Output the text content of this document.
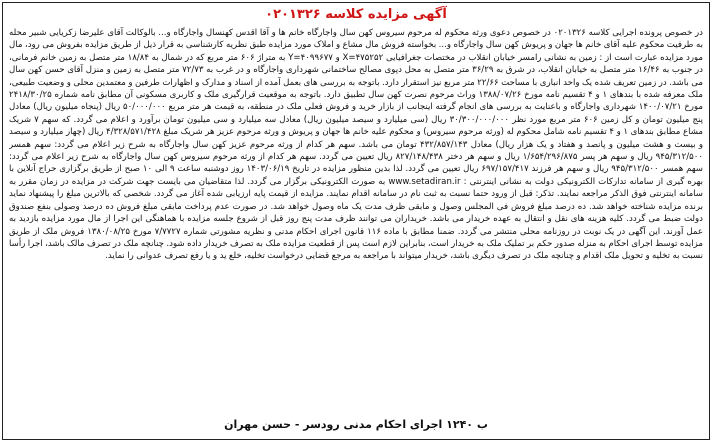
آگهی مزایده کلاسه ۰۲۰۱۳۲۶

در خصوص پرونده اجرایی کلاسه ۰۲۰۱۳۲۶ در خصوص دعوی ورثه محکوم له مرحوم سیروس کهن سال واجارگاه خانم ها و آقا اقدس کهنسال واجارگاه و... بالوکالت آقای علیرضا زکریایی شبیر محله به طرفیت محکوم علیه آقای خانم ها جهان و پریوش کهن سال واجارگاه و... بخواسته فروش مال مشاع و املاک مورد مزایده طبق نظریه کارشناسی به قرار ذیل از طریق مزایده بفروش می رود، مال مورد مزایده عبارت است از : زمین به نشانی رامسر خیابان انقلاب در مختصات جغرافیایی ۴۷۵۲۵۲=X و ۴۰۹۹۶۷۷=Y به متراژ ۶۰۶ متر مربع که در شمال به ۱۸/۸۴ متر متصل به زمین خانم فرمانی، در جنوب به ۱۶/۴۶ متر متصل به خیابان انقلاب، در شرق به ۳۶/۲۹ متر متصل به محل دپوی مصالح ساختمانی شهرداری واجارگاه و در غرب به ۷۲/۷۳ متر متصل به زمین و منزل آقای حسن کهن سال می باشد. در زمین تعریف شده یک واحد انباری با مساحت ۲۲/۶۶ متر مربع نیز استقرار دارد. باتوجه به بررسی های بعمل آمده از اسناد و مدارک و اظهارات طرفین و معتمدین محلی و وضعیت طبیعی، ملک معرفه شده با بندهای ۱ و ۴ تقسیم نامه مورخ ۱۳۸۸/۰۷/۲۶ وراث مرحوم نصرت کهن سال تطبیق دارد. باتوجه به موقعیت قرارگیری ملک و کاربری مسکونی آن مطابق نامه شماره ۲۴۱۸/۳۰/۲۵ مورخ ۱۴۰۰/۰۷/۲۱ شهرداری واجارگاه و باعنایت به بررسی های انجام گرفته اینجانب از بازار خرید و فروش فعلی ملک در منطقه، به قیمت هر متر مربع ۵۰/۰۰۰/۰۰۰ ریال (پنجاه میلیون ریال) معادل پنج میلیون تومان و کل زمین ۶۰۶ متر مربع مورد نظر ۳۰/۳۰۰/۰۰۰/۰۰۰ ریال (سی میلیارد و سیصد میلیون ریال) معادل سه میلیارد و سی میلیون تومان برآورد و اعلام می گردد. که سهم ۷ شریک مشاع مطابق بندهای ۱ و ۴ تقسیم نامه شامل محکوم له (ورثه مرحوم سیروس) و محکوم علیه خانم ها جهان و پریوش و ورثه مرحوم عزیز هر شریک مبلغ ۴/۳۲۸/۵۷۱/۴۲۸ ریال (چهار میلیارد و سیصد و بیست و هشت میلیون و پانصد و هفتاد و یک هزار ریال) معادل ۴۳۲/۸۵۷/۱۴۳ تومان می باشد. سهم هر کدام از ورثه مرحوم عزیز کهن سال واجارگاه به شرح زیر اعلام می گردد: سهم همسر ۹۴۵/۳۱۲/۵۰۰ ریال و سهم هر پسر ۱/۶۵۴/۲۹۶/۸۷۵ ریال و سهم هر دختر ۸۲۷/۱۴۸/۴۳۸ ریال تعیین می گردد. سهم هر کدام از ورثه مرحوم سیروس کهن سال واجارگاه به شرح زیر اعلام می گردد: سهم همسر ۹۴۵/۳۱۲/۵۰۰ ریال و سهم هر فرزند ۶۹۷/۱۵۷/۴۱۷ ریال تعیین می گردد. لذا بدین منظور مزایده در تاریخ ۱۴۰۳/۰۶/۱۹ روز دوشنبه ساعت ۹ الی ۱۰ صبح از طریق برگزاری حراج آنلاین با بهره گیری از سامانه تدارکات الکترونیکی دولت به نشانی اینترنتی : www.setadiran.ir به صورت الکترونیکی برگزار می گردد. لذا متقاضیان می بایست جهت شرکت در مزایده در زمان مقرر به سامانه اینترنتی فوق الذکر مراجعه نمایند. تذکر: قبل از ورود حتما نسبت به ثبت نام در سامانه اقدام نمایند. مزایده از قیمت پایه ارزیابی شده آغاز می گردد. شخصی که بالاترین مبلغ را پیشنهاد نماید برنده مزایده شناخته خواهد شد. ده درصد مبلغ فروش فی المجلس وصول و مابقی ظرف مدت یک ماه وصول خواهد شد. در صورت عدم پرداخت مابقی مبلغ فروش ده درصد وصولی بنفع صندوق دولت ضبط می گردد. کلیه هزینه های نقل و انتقال به عهده خریدار می باشد. خریداران می توانند ظرف مدت پنج روز قبل از شروع جلسه مزایده با هماهنگی این اجرا از مال مورد مزایده بازدید به عمل آورند. این آگهی در یک نوبت در روزنامه محلی منتشر می گردد. ضمنا مطابق با ماده ۱۱۶ قانون اجرای احکام مدنی و نظریه مشورتی شماره ۷/۷۷۲۷ مورخ ۱۳۸۰/۰۸/۲۵ فروش ملک از طریق مزایده توسط اجرای احکام به منزله صدور حکم بر تملیک ملک به خریدار است، بنابراین لازم است پس از قطعیت مزایده ملک به تصرف خریدار داده شود. چنانچه ملک در تصرف مالک باشد، اجرا رأسا نسبت به تخلیه و تحویل ملک اقدام و چنانچه ملک در تصرف دیگری باشد، خریدار میتواند با مراجعه به مرجع قضایی درخواست تخلیه، خلع ید و یا رفع تصرف عدوانی را نماید.

ب ۱۲۴۰ اجرای احکام مدنی رودسر - حسن مهران
